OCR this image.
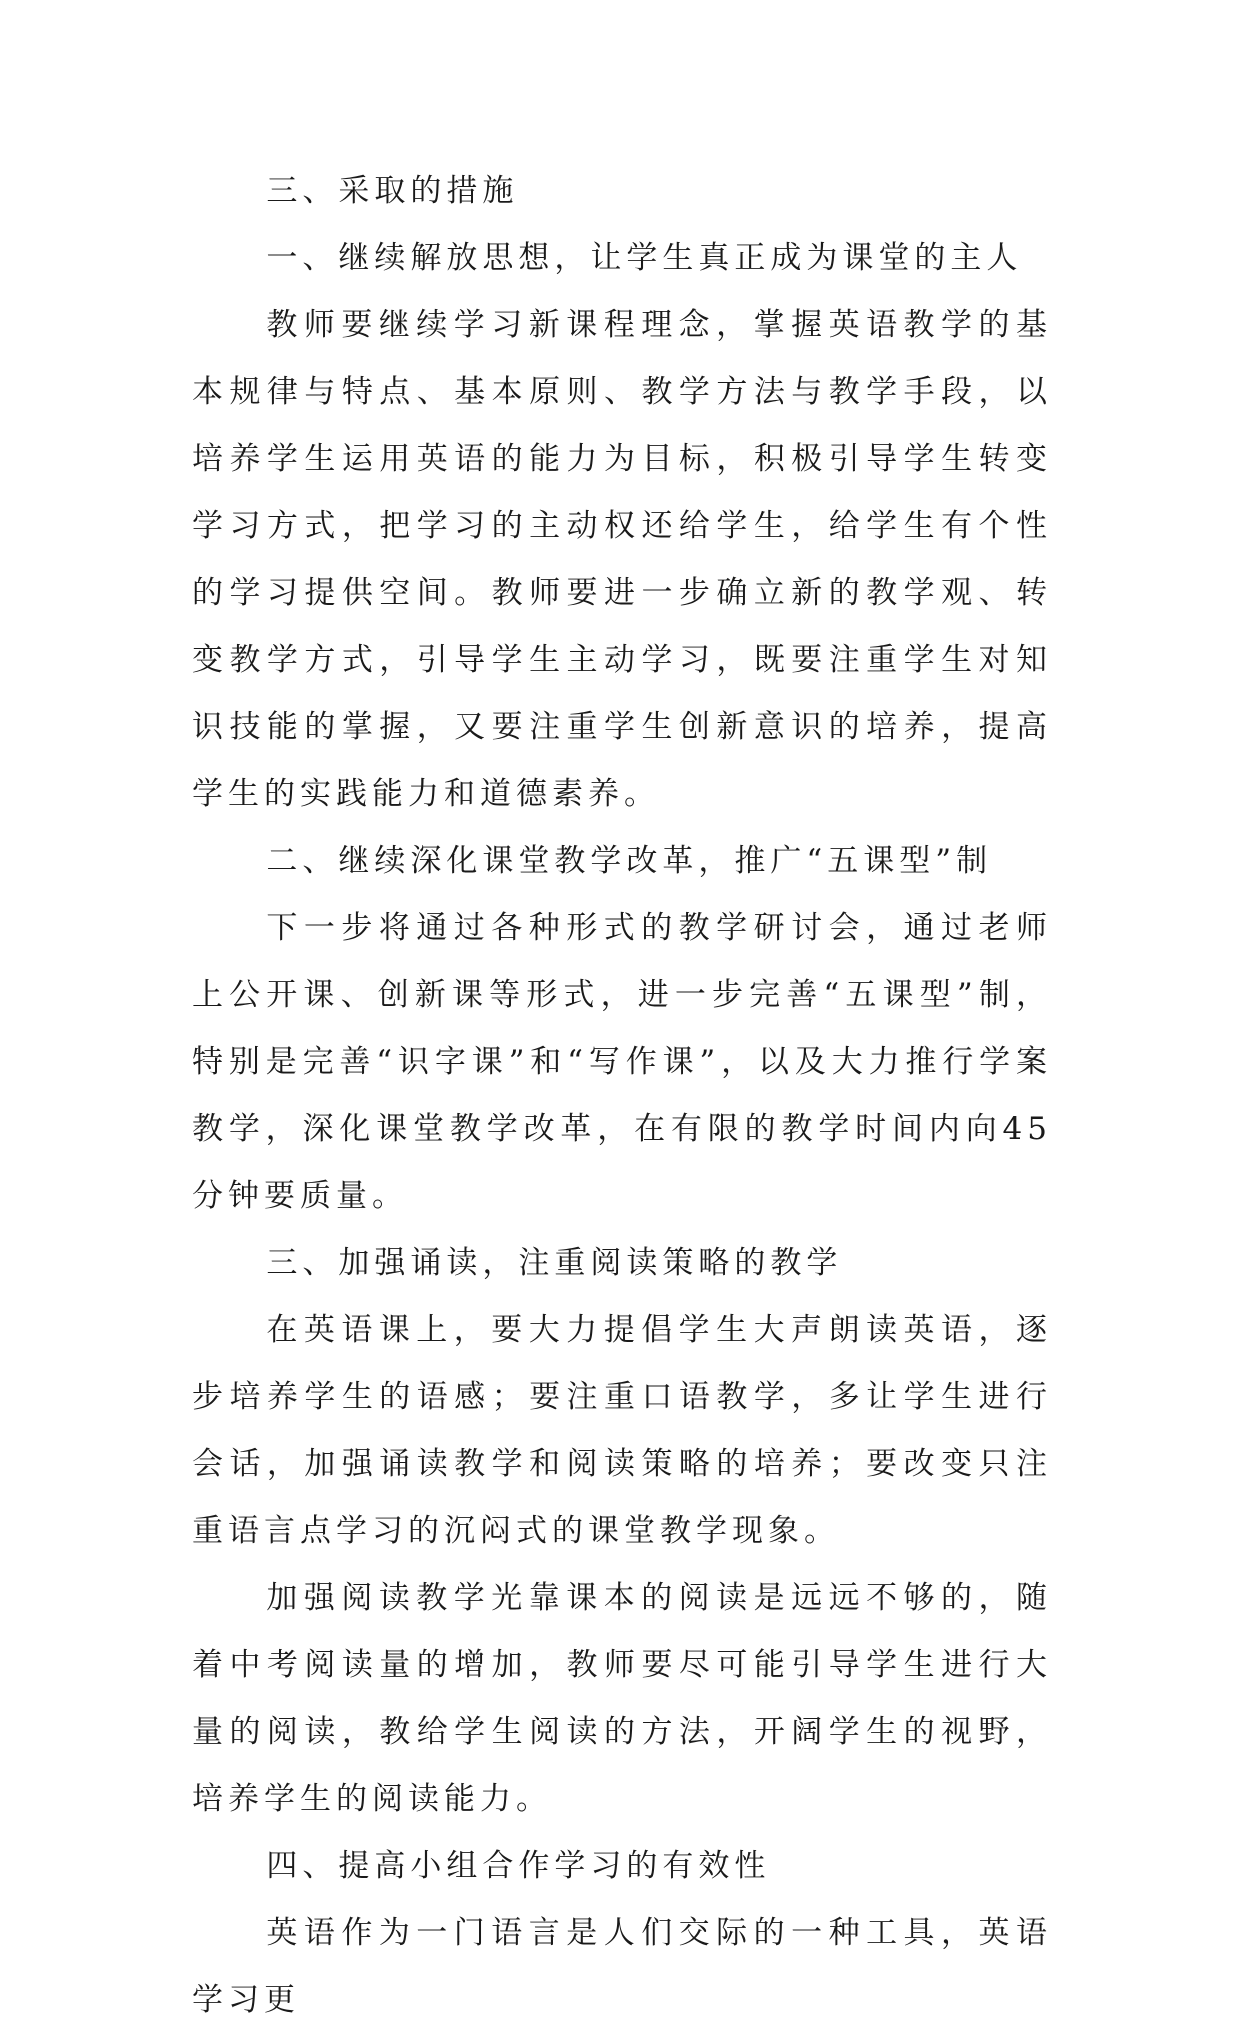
三、采取的措施

一、继续解放思想，让学生真正成为课堂的主人

教师要继续学习新课程理念，掌握英语教学的基本规律与特点、基本原则、教学方法与教学手段，以培养学生运用英语的能力为目标，积极引导学生转变学习方式，把学习的主动权还给学生，给学生有个性的学习提供空间。教师要进一步确立新的教学观、转变教学方式，引导学生主动学习，既要注重学生对知识技能的掌握，又要注重学生创新意识的培养，提高学生的实践能力和道德素养。

二、继续深化课堂教学改革，推广“五课型”制

下一步将通过各种形式的教学研讨会，通过老师上公开课、创新课等形式，进一步完善“五课型”制，特别是完善“识字课”和“写作课”，以及大力推行学案教学，深化课堂教学改革，在有限的教学时间内向45分钟要质量。

三、加强诵读，注重阅读策略的教学

在英语课上，要大力提倡学生大声朗读英语，逐步培养学生的语感；要注重口语教学，多让学生进行会话，加强诵读教学和阅读策略的培养；要改变只注重语言点学习的沉闷式的课堂教学现象。

加强阅读教学光靠课本的阅读是远远不够的，随着中考阅读量的增加，教师要尽可能引导学生进行大量的阅读，教给学生阅读的方法，开阔学生的视野，培养学生的阅读能力。

四、提高小组合作学习的有效性

英语作为一门语言是人们交际的一种工具，英语学习更
